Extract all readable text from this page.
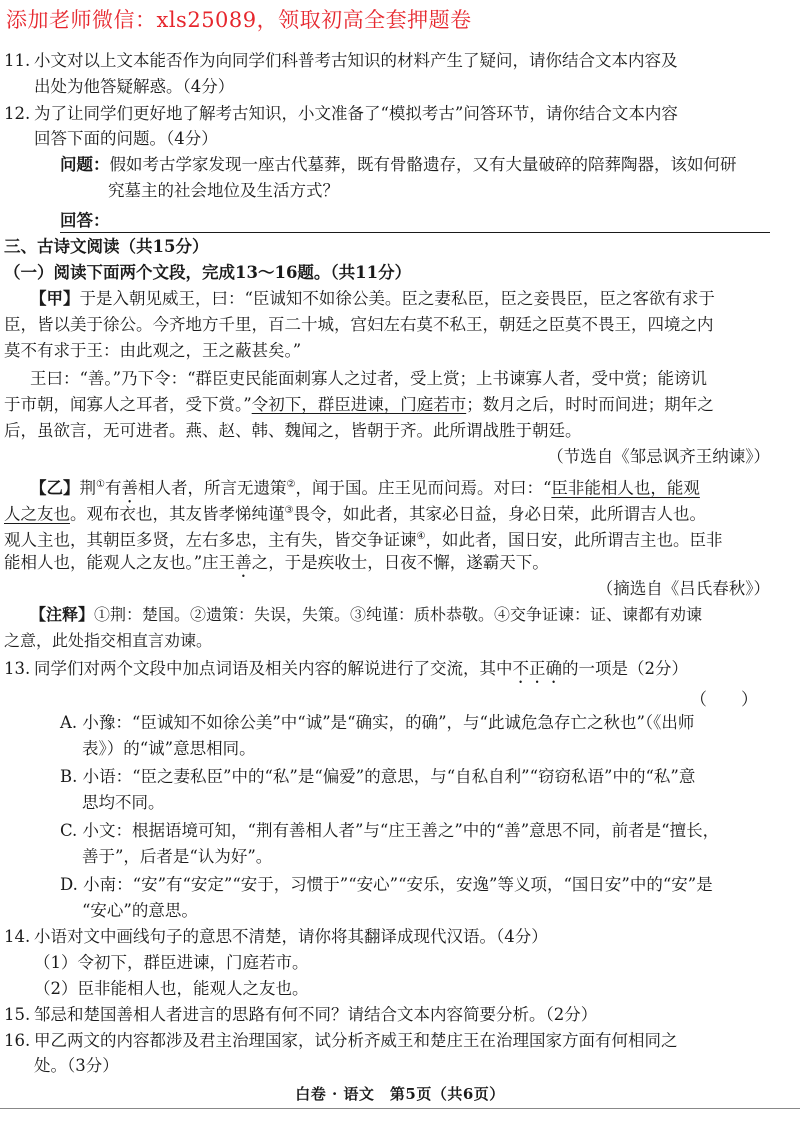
添加老师微信：xls25089，领取初高全套押题卷
11. 小文对以上文本能否作为向同学们科普考古知识的材料产生了疑问，请你结合文本内容及
出处为他答疑解惑。（4分）
12. 为了让同学们更好地了解考古知识，小文准备了“模拟考古”问答环节，请你结合文本内容
回答下面的问题。（4分）
问题：假如考古学家发现一座古代墓葬，既有骨骼遗存，又有大量破碎的陪葬陶器，该如何研
究墓主的社会地位及生活方式？
回答：
三、古诗文阅读（共15分）
（一）阅读下面两个文段，完成13～16题。（共11分）
【甲】于是入朝见威王，曰：“臣诚知不如徐公美。臣之妻私臣，臣之妾畏臣，臣之客欲有求于
臣，皆以美于徐公。今齐地方千里，百二十城，宫妇左右莫不私王，朝廷之臣莫不畏王，四境之内
莫不有求于王：由此观之，王之蔽甚矣。”
王曰：“善。”乃下令：“群臣吏民能面刺寡人之过者，受上赏；上书谏寡人者，受中赏；能谤讥
于市朝，闻寡人之耳者，受下赏。”令初下，群臣进谏，门庭若市；数月之后，时时而间进；期年之
后，虽欲言，无可进者。燕、赵、韩、魏闻之，皆朝于齐。此所谓战胜于朝廷。
（节选自《邹忌讽齐王纳谏》）
【乙】荆①有善相人者，所言无遗策②，闻于国。庄王见而问焉。对曰：“臣非能相人也，能观
人之友也。观布衣也，其友皆孝悌纯谨③畏令，如此者，其家必日益，身必日荣，此所谓吉人也。
观人主也，其朝臣多贤，左右多忠，主有失，皆交争证谏④，如此者，国日安，此所谓吉主也。臣非
能相人也，能观人之友也。”庄王善之，于是疾收士，日夜不懈，遂霸天下。
（摘选自《吕氏春秋》）
【注释】①荆：楚国。②遗策：失误，失策。③纯谨：质朴恭敬。④交争证谏：证、谏都有劝谏
之意，此处指交相直言劝谏。
13. 同学们对两个文段中加点词语及相关内容的解说进行了交流，其中不正确的一项是（2分）
（　　）
A. 小豫：“臣诚知不如徐公美”中“诚”是“确实，的确”，与“此诚危急存亡之秋也”（《出师
表》）的“诚”意思相同。
B. 小语：“臣之妻私臣”中的“私”是“偏爱”的意思，与“自私自利”“窃窃私语”中的“私”意
思均不同。
C. 小文：根据语境可知，“荆有善相人者”与“庄王善之”中的“善”意思不同，前者是“擅长，
善于”，后者是“认为好”。
D. 小南：“安”有“安定”“安于，习惯于”“安心”“安乐，安逸”等义项，“国日安”中的“安”是
“安心”的意思。
14. 小语对文中画线句子的意思不清楚，请你将其翻译成现代汉语。（4分）
（1）令初下，群臣进谏，门庭若市。
（2）臣非能相人也，能观人之友也。
15. 邹忌和楚国善相人者进言的思路有何不同？请结合文本内容简要分析。（2分）
16. 甲乙两文的内容都涉及君主治理国家，试分析齐威王和楚庄王在治理国家方面有何相同之
处。（3分）
白卷 · 语文　第5页（共6页）
